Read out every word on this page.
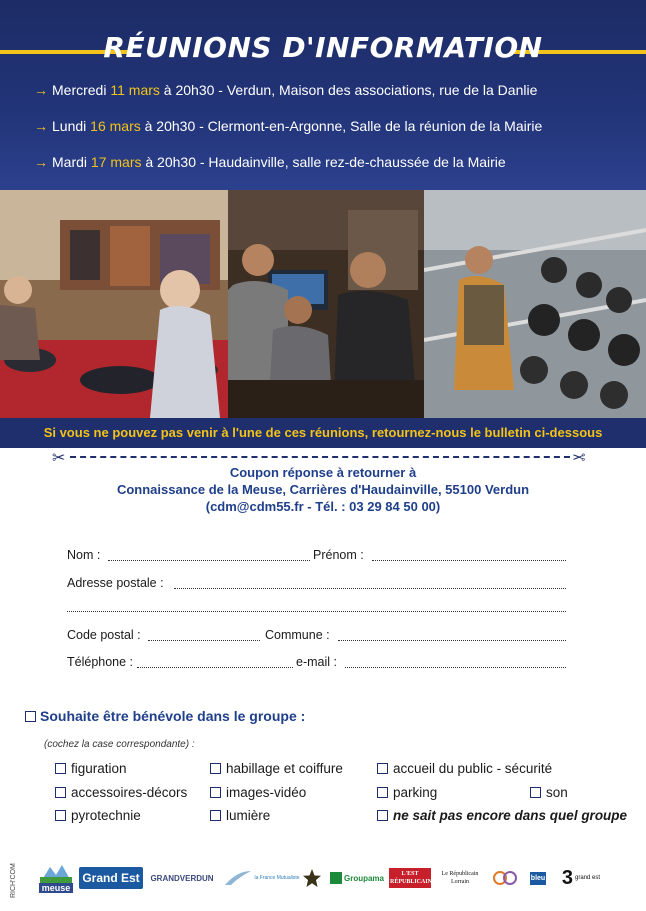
RÉUNIONS D'INFORMATION
→ Mercredi 11 mars à 20h30 - Verdun, Maison des associations, rue de la Danlie
→ Lundi 16 mars à 20h30 - Clermont-en-Argonne, Salle de la réunion de la Mairie
→ Mardi 17 mars à 20h30 - Haudainville, salle rez-de-chaussée de la Mairie
Si vous ne pouvez pas venir à l'une de ces réunions, retournez-nous le bulletin ci-dessous
✂	✂
Coupon réponse à retourner à
Connaissance de la Meuse, Carrières d'Haudainville, 55100 Verdun
(cdm@cdm55.fr - Tél. : 03 29 84 50 00)
Nom :	Prénom :
Adresse postale :
Code postal :	Commune :
Téléphone :	e-mail :
Souhaite être bénévole dans le groupe :
(cochez la case correspondante) :
figuration	habillage et coiffure	accueil du public - sécurité
accessoires-décors	images-vidéo	parking	son
pyrotechnie	lumière	ne sait pas encore dans quel groupe
RICH'COM	meuse
Grand Est	GRANDVERDUN	la France Mutualiste	Groupama	L'EST RÉPUBLICAIN
Le Républicain Lorrain
bleu 3 grand est
